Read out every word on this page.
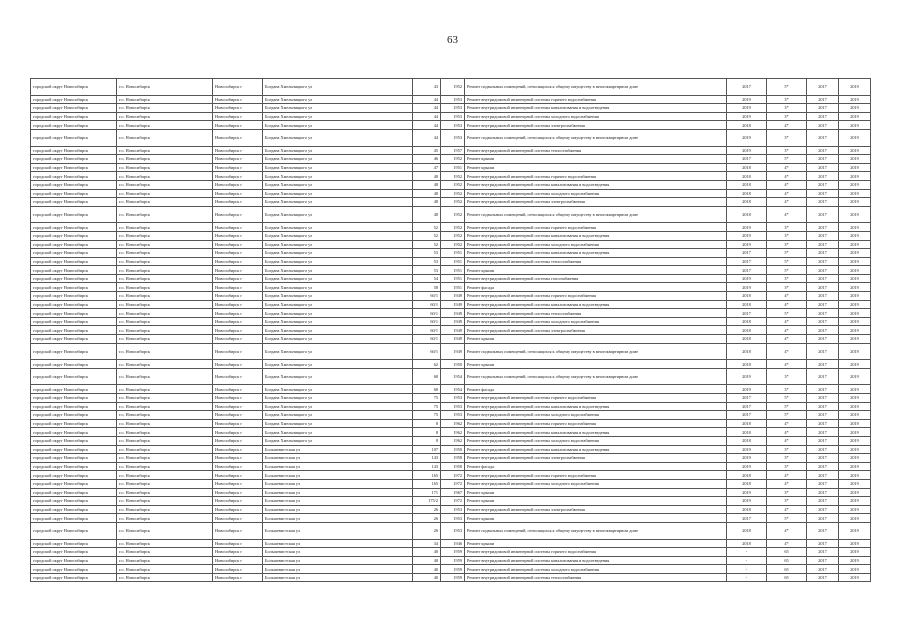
63
городской округ Новосибирск	г.о. Новосибирск	Новосибирск г	Богдана Хмельницкого ул	43	1952	Ремонт подвальных помещений, относящихся к общему имуществу в многоквартирном доме	2017	5*	2017	2019
городской округ Новосибирск	г.о. Новосибирск	Новосибирск г	Богдана Хмельницкого ул	44	1953	Ремонт внутридомовой инженерной системы горячего водоснабжения	2019	3*	2017	2019
городской округ Новосибирск	г.о. Новосибирск	Новосибирск г	Богдана Хмельницкого ул	44	1953	Ремонт внутридомовой инженерной системы канализования и водоотведения	2019	3*	2017	2019
городской округ Новосибирск	г.о. Новосибирск	Новосибирск г	Богдана Хмельницкого ул	44	1953	Ремонт внутридомовой инженерной системы холодного водоснабжения	2019	3*	2017	2019
городской округ Новосибирск	г.о. Новосибирск	Новосибирск г	Богдана Хмельницкого ул	44	1953	Ремонт внутридомовой инженерной системы электроснабжения	2018	4*	2017	2019
городской округ Новосибирск	г.о. Новосибирск	Новосибирск г	Богдана Хмельницкого ул	44	1953	Ремонт подвальных помещений, относящихся к общему имуществу в многоквартирном доме	2019	3*	2017	2019
городской округ Новосибирск	г.о. Новосибирск	Новосибирск г	Богдана Хмельницкого ул	45	1957	Ремонт внутридомовой инженерной системы теплоснабжения	2019	3*	2017	2019
городской округ Новосибирск	г.о. Новосибирск	Новосибирск г	Богдана Хмельницкого ул	46	1952	Ремонт крыши	2017	5*	2017	2019
городской округ Новосибирск	г.о. Новосибирск	Новосибирск г	Богдана Хмельницкого ул	47	1951	Ремонт крыши	2018	4*	2017	2019
городской округ Новосибирск	г.о. Новосибирск	Новосибирск г	Богдана Хмельницкого ул	48	1952	Ремонт внутридомовой инженерной системы горячего водоснабжения	2018	4*	2017	2019
городской округ Новосибирск	г.о. Новосибирск	Новосибирск г	Богдана Хмельницкого ул	48	1952	Ремонт внутридомовой инженерной системы канализования и водоотведения	2018	4*	2017	2019
городской округ Новосибирск	г.о. Новосибирск	Новосибирск г	Богдана Хмельницкого ул	48	1952	Ремонт внутридомовой инженерной системы холодного водоснабжения	2018	4*	2017	2019
городской округ Новосибирск	г.о. Новосибирск	Новосибирск г	Богдана Хмельницкого ул	48	1952	Ремонт внутридомовой инженерной системы электроснабжения	2018	4*	2017	2019
городской округ Новосибирск	г.о. Новосибирск	Новосибирск г	Богдана Хмельницкого ул	48	1952	Ремонт подвальных помещений, относящихся к общему имуществу в многоквартирном доме	2018	4*	2017	2019
городской округ Новосибирск	г.о. Новосибирск	Новосибирск г	Богдана Хмельницкого ул	52	1952	Ремонт внутридомовой инженерной системы горячего водоснабжения	2019	3*	2017	2019
городской округ Новосибирск	г.о. Новосибирск	Новосибирск г	Богдана Хмельницкого ул	52	1952	Ремонт внутридомовой инженерной системы канализования и водоотведения	2019	3*	2017	2019
городской округ Новосибирск	г.о. Новосибирск	Новосибирск г	Богдана Хмельницкого ул	52	1952	Ремонт внутридомовой инженерной системы холодного водоснабжения	2019	3*	2017	2019
городской округ Новосибирск	г.о. Новосибирск	Новосибирск г	Богдана Хмельницкого ул	53	1951	Ремонт внутридомовой инженерной системы канализования и водоотведения	2017	5*	2017	2019
городской округ Новосибирск	г.о. Новосибирск	Новосибирск г	Богдана Хмельницкого ул	53	1951	Ремонт внутридомовой инженерной системы теплоснабжения	2017	5*	2017	2019
городской округ Новосибирск	г.о. Новосибирск	Новосибирск г	Богдана Хмельницкого ул	53	1951	Ремонт крыши	2017	5*	2017	2019
городской округ Новосибирск	г.о. Новосибирск	Новосибирск г	Богдана Хмельницкого ул	54	1951	Ремонт внутридомовой инженерной системы газоснабжения	2019	3*	2017	2019
городской округ Новосибирск	г.о. Новосибирск	Новосибирск г	Богдана Хмельницкого ул	58	1951	Ремонт фасада	2019	3*	2017	2019
городской округ Новосибирск	г.о. Новосибирск	Новосибирск г	Богдана Хмельницкого ул	60/1	1949	Ремонт внутридомовой инженерной системы горячего водоснабжения	2018	4*	2017	2019
городской округ Новосибирск	г.о. Новосибирск	Новосибирск г	Богдана Хмельницкого ул	60/1	1949	Ремонт внутридомовой инженерной системы канализования и водоотведения	2018	4*	2017	2019
городской округ Новосибирск	г.о. Новосибирск	Новосибирск г	Богдана Хмельницкого ул	60/1	1949	Ремонт внутридомовой инженерной системы теплоснабжения	2017	5*	2017	2019
городской округ Новосибирск	г.о. Новосибирск	Новосибирск г	Богдана Хмельницкого ул	60/1	1949	Ремонт внутридомовой инженерной системы холодного водоснабжения	2018	4*	2017	2019
городской округ Новосибирск	г.о. Новосибирск	Новосибирск г	Богдана Хмельницкого ул	60/1	1949	Ремонт внутридомовой инженерной системы электроснабжения	2018	4*	2017	2019
городской округ Новосибирск	г.о. Новосибирск	Новосибирск г	Богдана Хмельницкого ул	60/1	1949	Ремонт крыши	2018	4*	2017	2019
городской округ Новосибирск	г.о. Новосибирск	Новосибирск г	Богдана Хмельницкого ул	60/1	1949	Ремонт подвальных помещений, относящихся к общему имуществу в многоквартирном доме	2018	4*	2017	2019
городской округ Новосибирск	г.о. Новосибирск	Новосибирск г	Богдана Хмельницкого ул	62	1950	Ремонт крыши	2018	4*	2017	2019
городской округ Новосибирск	г.о. Новосибирск	Новосибирск г	Богдана Хмельницкого ул	68	1954	Ремонт подвальных помещений, относящихся к общему имуществу в многоквартирном доме	2019	3*	2017	2019
городской округ Новосибирск	г.о. Новосибирск	Новосибирск г	Богдана Хмельницкого ул	68	1954	Ремонт фасада	2019	3*	2017	2019
городской округ Новосибирск	г.о. Новосибирск	Новосибирск г	Богдана Хмельницкого ул	75	1953	Ремонт внутридомовой инженерной системы горячего водоснабжения	2017	5*	2017	2019
городской округ Новосибирск	г.о. Новосибирск	Новосибирск г	Богдана Хмельницкого ул	75	1953	Ремонт внутридомовой инженерной системы канализования и водоотведения	2017	5*	2017	2019
городской округ Новосибирск	г.о. Новосибирск	Новосибирск г	Богдана Хмельницкого ул	75	1953	Ремонт внутридомовой инженерной системы холодного водоснабжения	2017	5*	2017	2019
городской округ Новосибирск	г.о. Новосибирск	Новосибирск г	Богдана Хмельницкого ул	8	1962	Ремонт внутридомовой инженерной системы горячего водоснабжения	2018	4*	2017	2019
городской округ Новосибирск	г.о. Новосибирск	Новосибирск г	Богдана Хмельницкого ул	8	1962	Ремонт внутридомовой инженерной системы канализования и водоотведения	2018	4*	2017	2019
городской округ Новосибирск	г.о. Новосибирск	Новосибирск г	Богдана Хмельницкого ул	8	1962	Ремонт внутридомовой инженерной системы холодного водоснабжения	2018	4*	2017	2019
городской округ Новосибирск	г.о. Новосибирск	Новосибирск г	Большевистская ул	107	1950	Ремонт внутридомовой инженерной системы канализования и водоотведения	2019	3*	2017	2019
городской округ Новосибирск	г.о. Новосибирск	Новосибирск г	Большевистская ул	143	1958	Ремонт внутридомовой инженерной системы электроснабжения	2019	3*	2017	2019
городской округ Новосибирск	г.о. Новосибирск	Новосибирск г	Большевистская ул	143	1958	Ремонт фасада	2019	3*	2017	2019
городской округ Новосибирск	г.о. Новосибирск	Новосибирск г	Большевистская ул	165	1972	Ремонт внутридомовой инженерной системы горячего водоснабжения	2018	4*	2017	2019
городской округ Новосибирск	г.о. Новосибирск	Новосибирск г	Большевистская ул	165	1972	Ремонт внутридомовой инженерной системы холодного водоснабжения	2018	4*	2017	2019
городской округ Новосибирск	г.о. Новосибирск	Новосибирск г	Большевистская ул	171	1967	Ремонт крыши	2019	3*	2017	2019
городской округ Новосибирск	г.о. Новосибирск	Новосибирск г	Большевистская ул	175/2	1972	Ремонт крыши	2019	3*	2017	2019
городской округ Новосибирск	г.о. Новосибирск	Новосибирск г	Большевистская ул	26	1953	Ремонт внутридомовой инженерной системы электроснабжения	2018	4*	2017	2019
городской округ Новосибирск	г.о. Новосибирск	Новосибирск г	Большевистская ул	26	1953	Ремонт крыши	2017	5*	2017	2019
городской округ Новосибирск	г.о. Новосибирск	Новосибирск г	Большевистская ул	26	1953	Ремонт подвальных помещений, относящихся к общему имуществу в многоквартирном доме	2018	4*	2017	2019
городской округ Новосибирск	г.о. Новосибирск	Новосибирск г	Большевистская ул	34	1946	Ремонт крыши	2018	4*	2017	2019
городской округ Новосибирск	г.о. Новосибирск	Новосибирск г	Большевистская ул	40	1959	Ремонт внутридомовой инженерной системы горячего водоснабжения	-	65	2017	2019
городской округ Новосибирск	г.о. Новосибирск	Новосибирск г	Большевистская ул	40	1959	Ремонт внутридомовой инженерной системы канализования и водоотведения	-	65	2017	2019
городской округ Новосибирск	г.о. Новосибирск	Новосибирск г	Большевистская ул	40	1959	Ремонт внутридомовой инженерной системы холодного водоснабжения	-	65	2017	2019
городской округ Новосибирск	г.о. Новосибирск	Новосибирск г	Большевистская ул	40	1959	Ремонт внутридомовой инженерной системы теплоснабжения	-	65	2017	2019
